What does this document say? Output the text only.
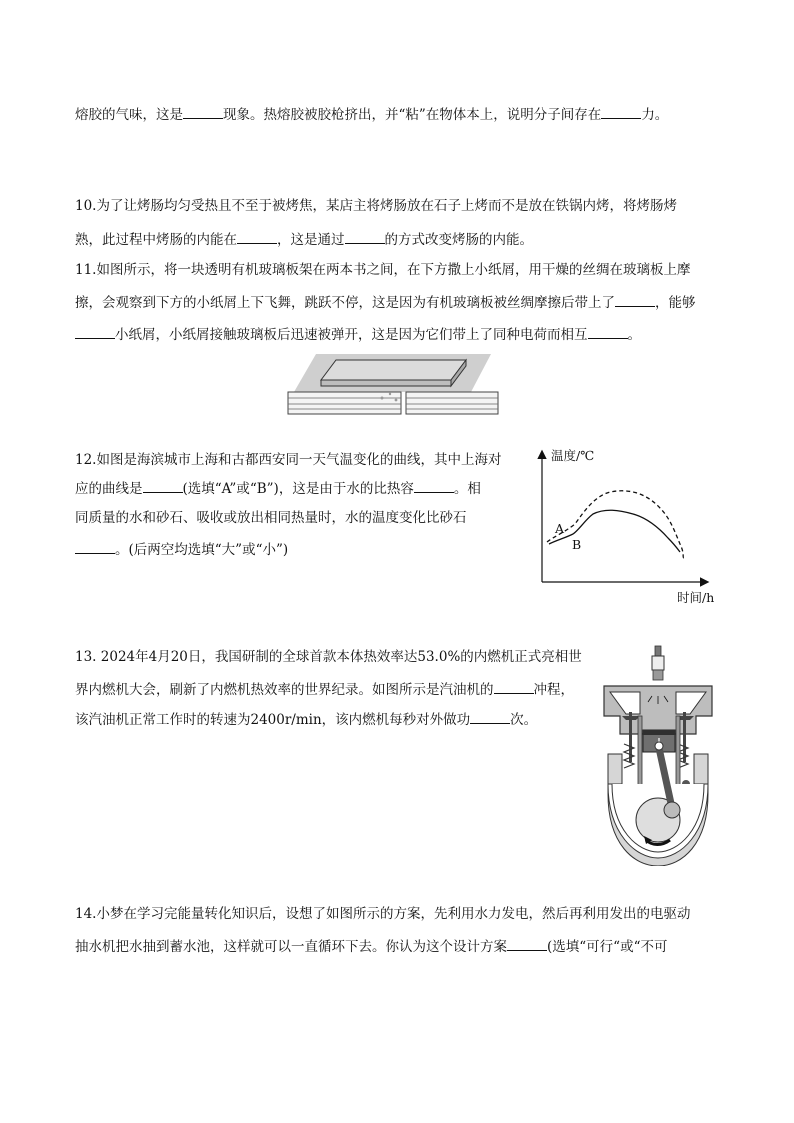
熔胶的气味，这是	现象。热熔胶被胶枪挤出，并“粘”在物体本上，说明分子间存在	力。
10.为了让烤肠均匀受热且不至于被烤焦，某店主将烤肠放在石子上烤而不是放在铁锅内烤，将烤肠烤
熟，此过程中烤肠的内能在	，这是通过	的方式改变烤肠的内能。
11.如图所示，将一块透明有机玻璃板架在两本书之间，在下方撒上小纸屑，用干燥的丝绸在玻璃板上摩
擦，会观察到下方的小纸屑上下飞舞，跳跃不停，这是因为有机玻璃板被丝绸摩擦后带上了	，能够
小纸屑，小纸屑接触玻璃板后迅速被弹开，这是因为它们带上了同种电荷而相互	。
12.如图是海滨城市上海和古都西安同一天气温变化的曲线，其中上海对
应的曲线是	(选填“A”或“B”)，这是由于水的比热容	。相
同质量的水和砂石、吸收或放出相同热量时，水的温度变化比砂石
。(后两空均选填“大”或“小”)
温度/℃
时间/h
A
B
13. 2024年4月20日，我国研制的全球首款本体热效率达53.0%的内燃机正式亮相世
界内燃机大会，刷新了内燃机热效率的世界纪录。如图所示是汽油机的	冲程，
该汽油机正常工作时的转速为2400r/min，该内燃机每秒对外做功	次。
14.小梦在学习完能量转化知识后，设想了如图所示的方案，先利用水力发电，然后再利用发出的电驱动
抽水机把水抽到蓄水池，这样就可以一直循环下去。你认为这个设计方案	(选填“可行“或“不可
